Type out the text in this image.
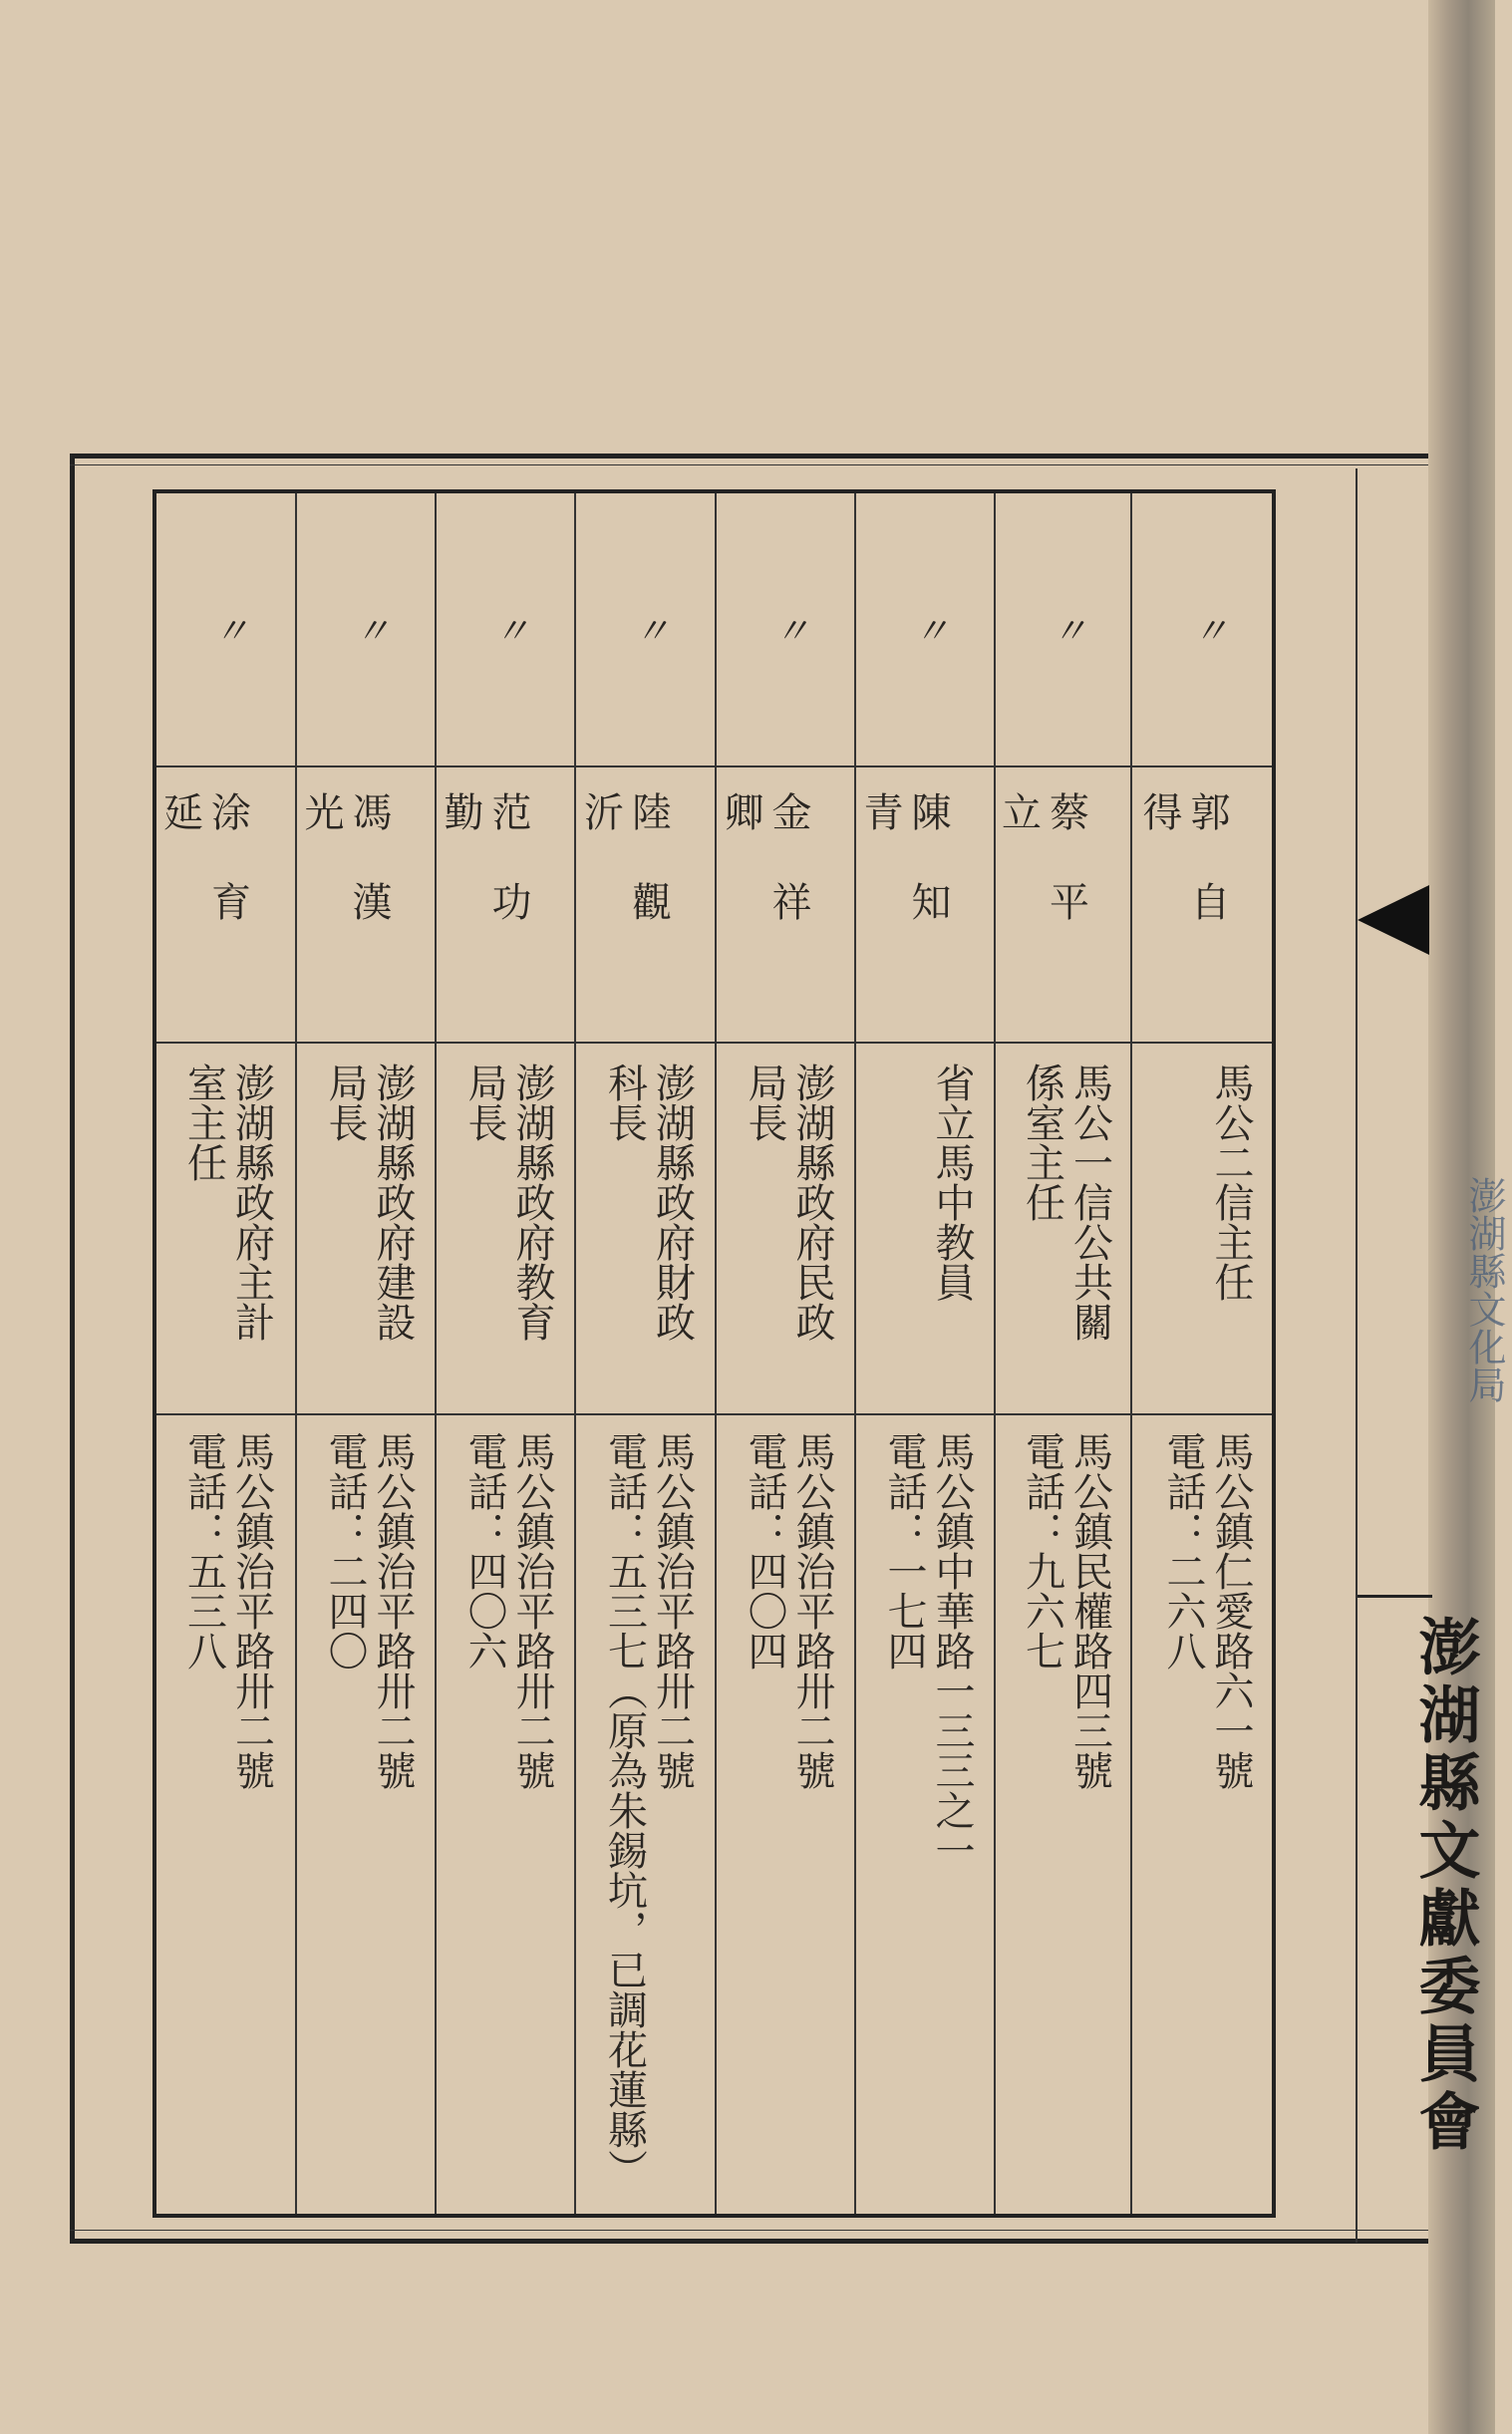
澎湖縣文獻委員會
澎湖縣文化局
〃
郭自得
馬公二信主任
馬公鎮仁愛路六一號
電話：二六八
〃
蔡平立
馬公一信公共關
係室主任
馬公鎮民權路四三號
電話：九六七
〃
陳知青
省立馬中教員
馬公鎮中華路一三三之一
電話：一七四
〃
金祥卿
澎湖縣政府民政
局長
馬公鎮治平路卅二號
電話：四〇四
〃
陸觀沂
澎湖縣政府財政
科長
馬公鎮治平路卅二號
電話：五三七（原為朱錫坑，已調花蓮縣）
〃
范功勤
澎湖縣政府教育
局長
馬公鎮治平路卅二號
電話：四〇六
〃
馮漢光
澎湖縣政府建設
局長
馬公鎮治平路卅二號
電話：二四〇
〃
涂育延
澎湖縣政府主計
室主任
馬公鎮治平路卅二號
電話：五三八
